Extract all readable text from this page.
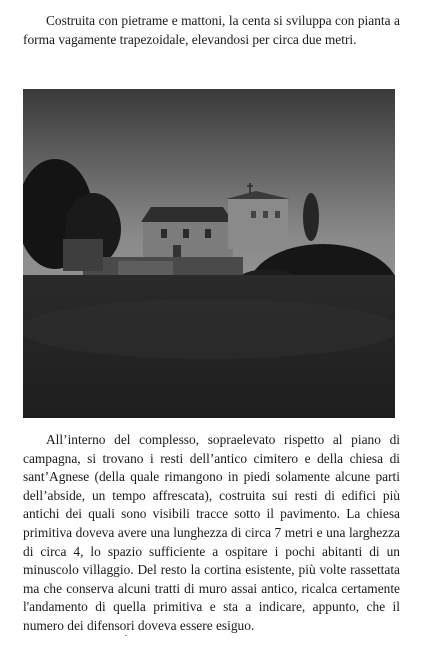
Costruita con pietrame e mattoni, la centa si sviluppa con pianta a forma vagamente trapezoidale, elevandosi per circa due metri.

All’interno del complesso, sopraelevato rispetto al piano di campagna, si trovano i resti dell’antico cimitero e della chiesa di sant’Agnese (della quale rimangono in piedi solamente alcune parti dell’abside, un tempo affrescata), costruita sui resti di edifici più antichi dei quali sono visibili tracce sotto il pavimento. La chiesa primitiva doveva avere una lunghezza di circa 7 metri e una larghezza di circa 4, lo spazio sufficiente a ospitare i pochi abitanti di un minuscolo villaggio. Del resto la cortina esistente, più volte rassettata ma che conserva alcuni tratti di muro assai antico, ricalca certamente l'andamento di quella primitiva e sta a indicare, appunto, che il numero dei difensori doveva essere esiguo.
